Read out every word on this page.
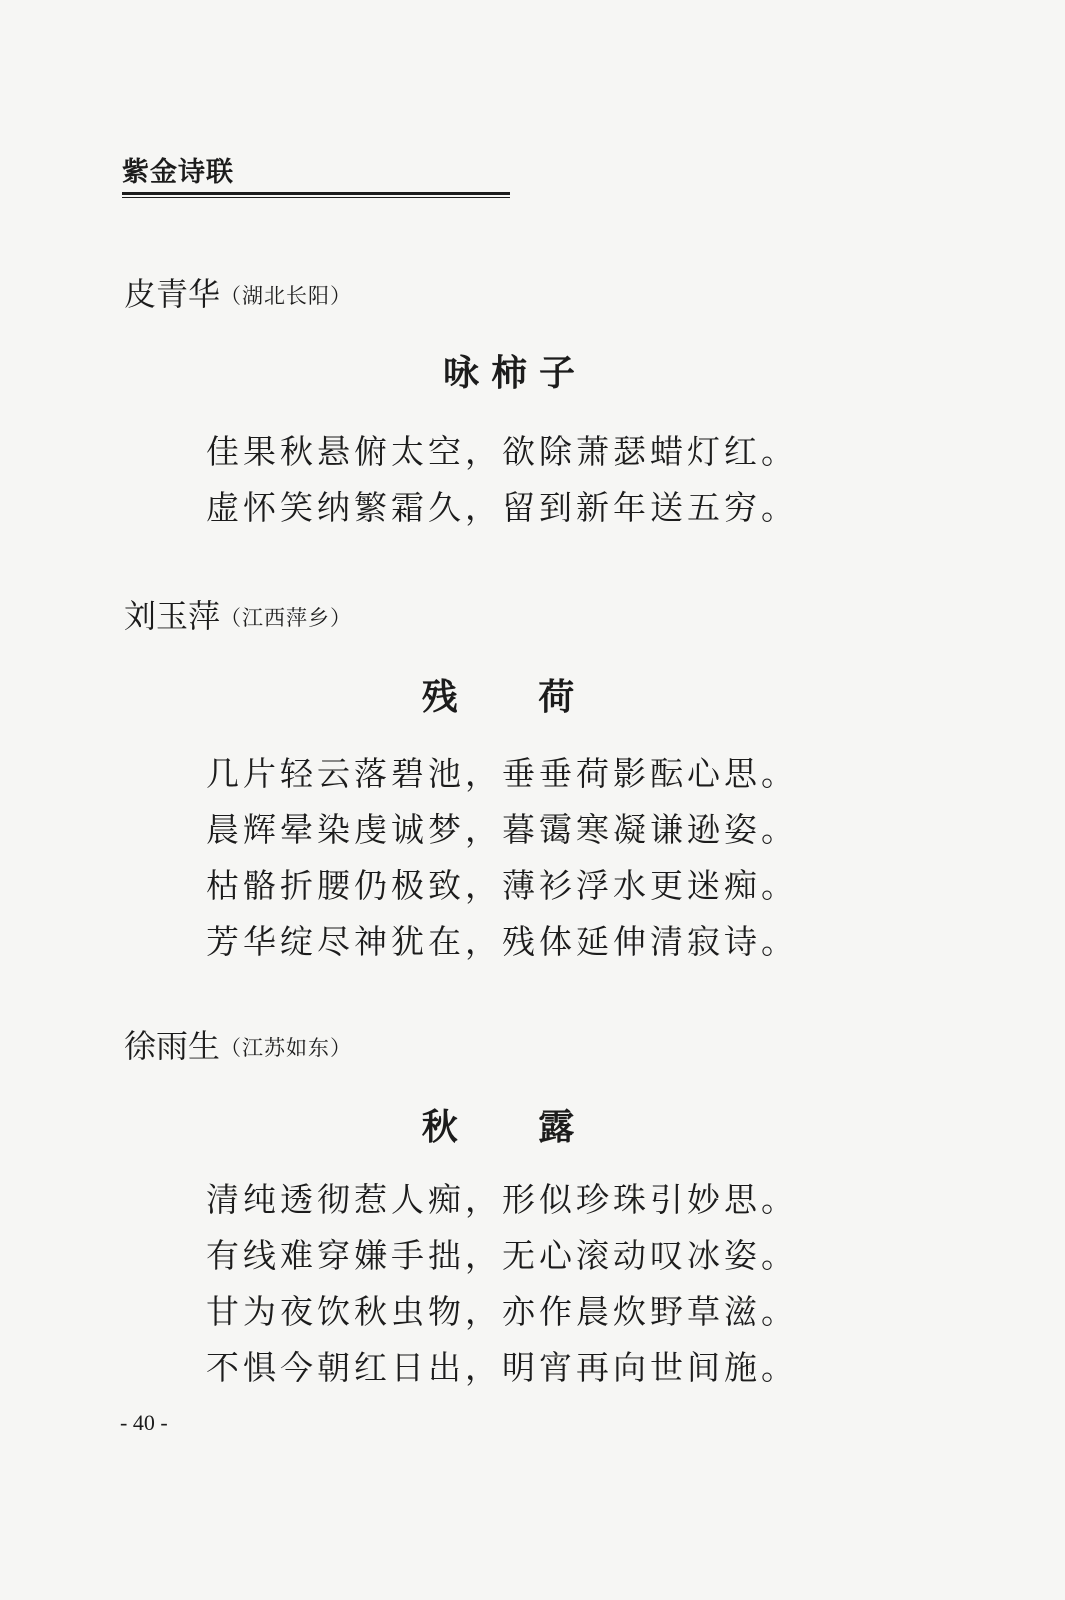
紫金诗联
皮青华（湖北长阳）
咏柿子
佳果秋悬俯太空，欲除萧瑟蜡灯红。
虚怀笑纳繁霜久，留到新年送五穷。
刘玉萍（江西萍乡）
残 荷
几片轻云落碧池，垂垂荷影酝心思。
晨辉晕染虔诚梦，暮霭寒凝谦逊姿。
枯骼折腰仍极致，薄衫浮水更迷痴。
芳华绽尽神犹在，残体延伸清寂诗。
徐雨生（江苏如东）
秋 露
清纯透彻惹人痴，形似珍珠引妙思。
有线难穿嫌手拙，无心滚动叹冰姿。
甘为夜饮秋虫物，亦作晨炊野草滋。
不惧今朝红日出，明宵再向世间施。
- 40 -
